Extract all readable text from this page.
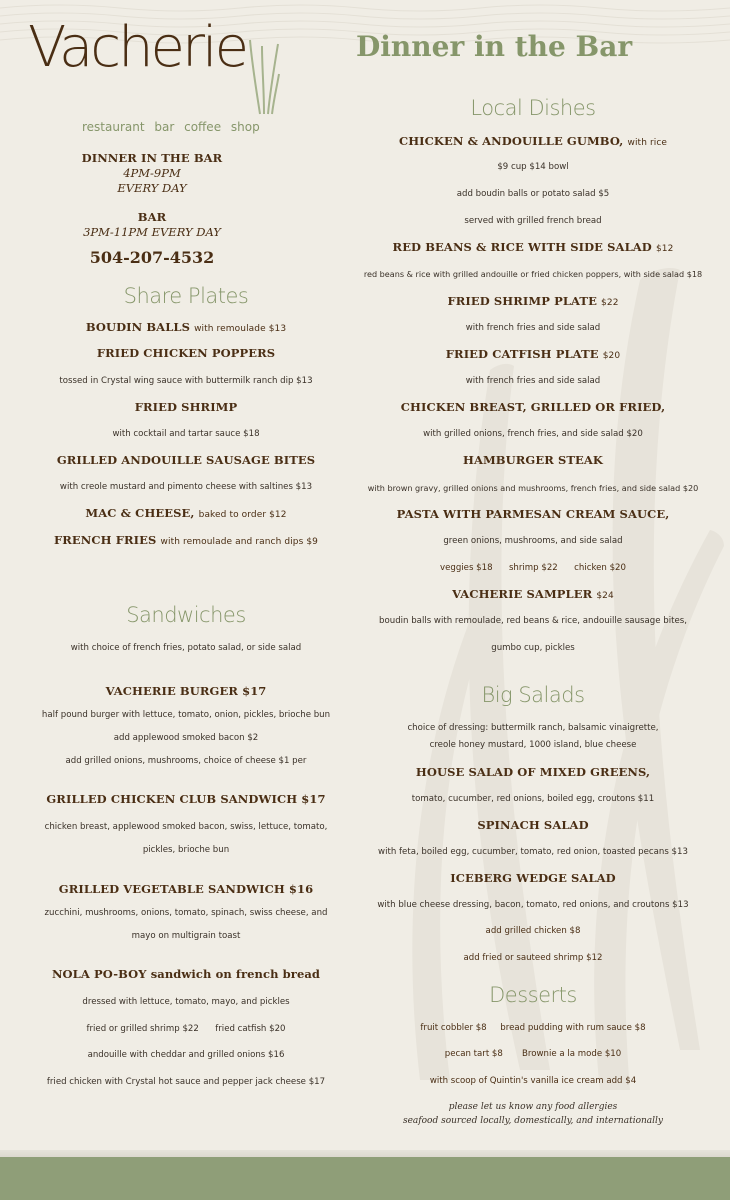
Vacherie
restaurant bar coffee shop
Dinner in the Bar
DINNER IN THE BAR
4PM-9PM
EVERY DAY
BAR
3PM-11PM EVERY DAY
504-207-4532
Share Plates
BOUDIN BALLS with remoulade $13
FRIED CHICKEN POPPERS
tossed in Crystal wing sauce with buttermilk ranch dip $13
FRIED SHRIMP
with cocktail and tartar sauce $18
GRILLED ANDOUILLE SAUSAGE BITES
with creole mustard and pimento cheese with saltines $13
MAC & CHEESE, baked to order $12
FRENCH FRIES with remoulade and ranch dips $9
Sandwiches
with choice of french fries, potato salad, or side salad
VACHERIE BURGER $17
half pound burger with lettuce, tomato, onion, pickles, brioche bun
add applewood smoked bacon $2
add grilled onions, mushrooms, choice of cheese $1 per
GRILLED CHICKEN CLUB SANDWICH $17
chicken breast, applewood smoked bacon, swiss, lettuce, tomato,
pickles, brioche bun
GRILLED VEGETABLE SANDWICH $16
zucchini, mushrooms, onions, tomato, spinach, swiss cheese, and
mayo on multigrain toast
NOLA PO-BOY sandwich on french bread
dressed with lettuce, tomato, mayo, and pickles
fried or grilled shrimp $22      fried catfish $20
andouille with cheddar and grilled onions $16
fried chicken with Crystal hot sauce and pepper jack cheese $17
Local Dishes
CHICKEN & ANDOUILLE GUMBO, with rice
$9 cup $14 bowl
add boudin balls or potato salad $5
served with grilled french bread
RED BEANS & RICE WITH SIDE SALAD $12
red beans & rice with grilled andouille or fried chicken poppers, with side salad $18
FRIED SHRIMP PLATE $22
with french fries and side salad
FRIED CATFISH PLATE $20
with french fries and side salad
CHICKEN BREAST, GRILLED OR FRIED,
with grilled onions, french fries, and side salad $20
HAMBURGER STEAK
with brown gravy, grilled onions and mushrooms, french fries, and side salad $20
PASTA WITH PARMESAN CREAM SAUCE,
green onions, mushrooms, and side salad
veggies $18      shrimp $22      chicken $20
VACHERIE SAMPLER $24
boudin balls with remoulade, red beans & rice, andouille sausage bites,
gumbo cup, pickles
Big Salads
choice of dressing: buttermilk ranch, balsamic vinaigrette,
creole honey mustard, 1000 island, blue cheese
HOUSE SALAD OF MIXED GREENS,
tomato, cucumber, red onions, boiled egg, croutons $11
SPINACH SALAD
with feta, boiled egg, cucumber, tomato, red onion, toasted pecans $13
ICEBERG WEDGE SALAD
with blue cheese dressing, bacon, tomato, red onions, and croutons $13
add grilled chicken $8
add fried or sauteed shrimp $12
Desserts
fruit cobbler $8     bread pudding with rum sauce $8
pecan tart $8       Brownie a la mode $10
with scoop of Quintin's vanilla ice cream add $4
please let us know any food allergies
seafood sourced locally, domestically, and internationally
